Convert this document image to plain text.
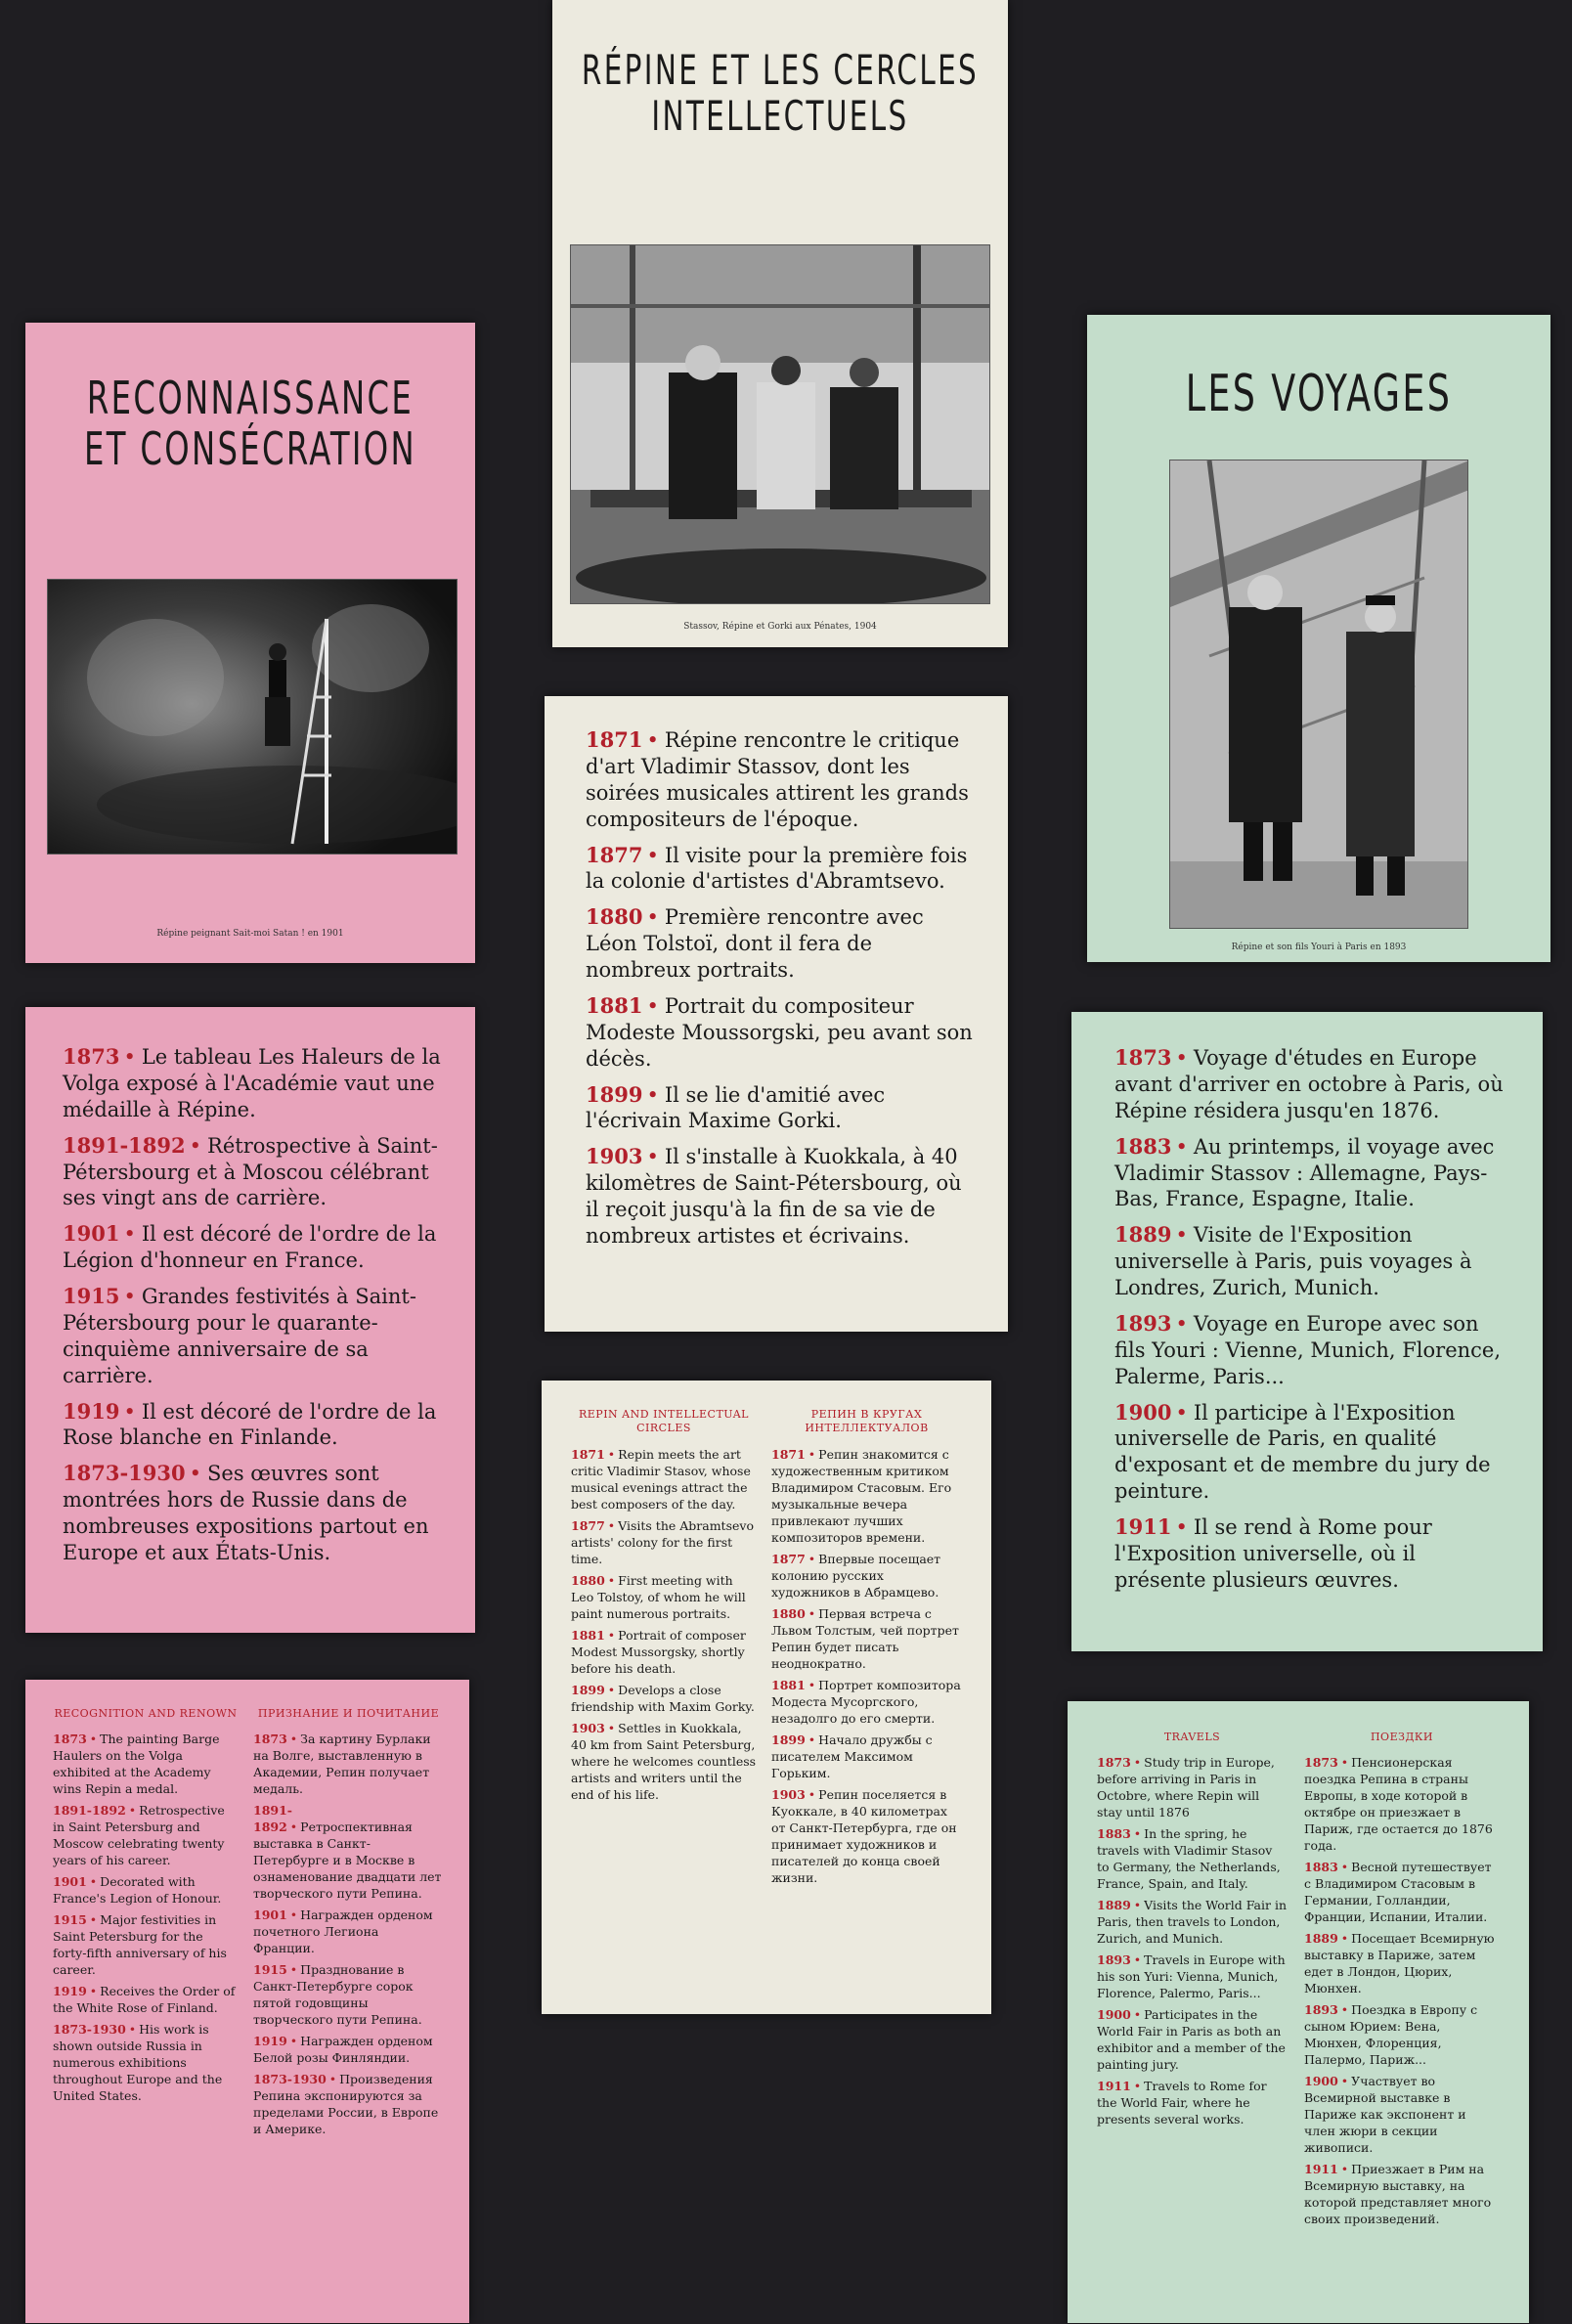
RECONNAISSANCE
ET CONSÉCRATION
Répine peignant Sait-moi Satan ! en 1901
RÉPINE ET LES CERCLES
INTELLECTUELS
Stassov, Répine et Gorki aux Pénates, 1904
LES VOYAGES
Répine et son fils Youri à Paris en 1893
1873 • Le tableau Les Haleurs de la Volga exposé à l'Académie vaut une médaille à Répine.
1891-1892 • Rétrospective à Saint-Pétersbourg et à Moscou célébrant ses vingt ans de carrière.
1901 • Il est décoré de l'ordre de la Légion d'honneur en France.
1915 • Grandes festivités à Saint-Pétersbourg pour le quarante-cinquième anniversaire de sa carrière.
1919 • Il est décoré de l'ordre de la Rose blanche en Finlande.
1873-1930 • Ses œuvres sont montrées hors de Russie dans de nombreuses expositions partout en Europe et aux États-Unis.
1871 • Répine rencontre le critique d'art Vladimir Stassov, dont les soirées musicales attirent les grands compositeurs de l'époque.
1877 • Il visite pour la première fois la colonie d'artistes d'Abramtsevo.
1880 • Première rencontre avec Léon Tolstoï, dont il fera de nombreux portraits.
1881 • Portrait du compositeur Modeste Moussorgski, peu avant son décès.
1899 • Il se lie d'amitié avec l'écrivain Maxime Gorki.
1903 • Il s'installe à Kuokkala, à 40 kilomètres de Saint-Pétersbourg, où il reçoit jusqu'à la fin de sa vie de nombreux artistes et écrivains.
1873 • Voyage d'études en Europe avant d'arriver en octobre à Paris, où Répine résidera jusqu'en 1876.
1883 • Au printemps, il voyage avec Vladimir Stassov : Allemagne, Pays-Bas, France, Espagne, Italie.
1889 • Visite de l'Exposition universelle à Paris, puis voyages à Londres, Zurich, Munich.
1893 • Voyage en Europe avec son fils Youri : Vienne, Munich, Florence, Palerme, Paris...
1900 • Il participe à l'Exposition universelle de Paris, en qualité d'exposant et de membre du jury de peinture.
1911 • Il se rend à Rome pour l'Exposition universelle, où il présente plusieurs œuvres.
RECOGNITION AND RENOWN
1873 • The painting Barge Haulers on the Volga exhibited at the Academy wins Repin a medal.
1891-1892 • Retrospective in Saint Petersburg and Moscow celebrating twenty years of his career.
1901 • Decorated with France's Legion of Honour.
1915 • Major festivities in Saint Petersburg for the forty-fifth anniversary of his career.
1919 • Receives the Order of the White Rose of Finland.
1873-1930 • His work is shown outside Russia in numerous exhibitions throughout Europe and the United States.
ПРИЗНАНИЕ И ПОЧИТАНИЕ
1873 • За картину Бурлаки на Волге, выставленную в Академии, Репин получает медаль.
1891-1892 • Ретроспективная выставка в Санкт-Петербурге и в Москве в ознаменование двадцати лет творческого пути Репина.
1901 • Награжден орденом почетного Легиона Франции.
1915 • Празднование в Санкт-Петербурге сорок пятой годовщины творческого пути Репина.
1919 • Награжден орденом Белой розы Финляндии.
1873-1930 • Произведения Репина экспонируются за пределами России, в Европе и Америке.
REPIN AND INTELLECTUAL CIRCLES
1871 • Repin meets the art critic Vladimir Stasov, whose musical evenings attract the best composers of the day.
1877 • Visits the Abramtsevo artists' colony for the first time.
1880 • First meeting with Leo Tolstoy, of whom he will paint numerous portraits.
1881 • Portrait of composer Modest Mussorgsky, shortly before his death.
1899 • Develops a close friendship with Maxim Gorky.
1903 • Settles in Kuokkala, 40 km from Saint Petersburg, where he welcomes countless artists and writers until the end of his life.
РЕПИН В КРУГАХ ИНТЕЛЛЕКТУАЛОВ
1871 • Репин знакомится с художественным критиком Владимиром Стасовым. Его музыкальные вечера привлекают лучших композиторов времени.
1877 • Впервые посещает колонию русских художников в Абрамцево.
1880 • Первая встреча с Львом Толстым, чей портрет Репин будет писать неоднократно.
1881 • Портрет композитора Модеста Мусоргского, незадолго до его смерти.
1899 • Начало дружбы с писателем Максимом Горьким.
1903 • Репин поселяется в Куоккале, в 40 километрах от Санкт-Петербурга, где он принимает художников и писателей до конца своей жизни.
TRAVELS
1873 • Study trip in Europe, before arriving in Paris in Octobre, where Repin will stay until 1876
1883 • In the spring, he travels with Vladimir Stasov to Germany, the Netherlands, France, Spain, and Italy.
1889 • Visits the World Fair in Paris, then travels to London, Zurich, and Munich.
1893 • Travels in Europe with his son Yuri: Vienna, Munich, Florence, Palermo, Paris...
1900 • Participates in the World Fair in Paris as both an exhibitor and a member of the painting jury.
1911 • Travels to Rome for the World Fair, where he presents several works.
ПОЕЗДКИ
1873 • Пенсионерская поездка Репина в страны Европы, в ходе которой в октябре он приезжает в Париж, где остается до 1876 года.
1883 • Весной путешествует с Владимиром Стасовым в Германии, Голландии, Франции, Испании, Италии.
1889 • Посещает Всемирную выставку в Париже, затем едет в Лондон, Цюрих, Мюнхен.
1893 • Поездка в Европу с сыном Юрием: Вена, Мюнхен, Флоренция, Палермо, Париж...
1900 • Участвует во Всемирной выставке в Париже как экспонент и член жюри в секции живописи.
1911 • Приезжает в Рим на Всемирную выставку, на которой представляет много своих произведений.
